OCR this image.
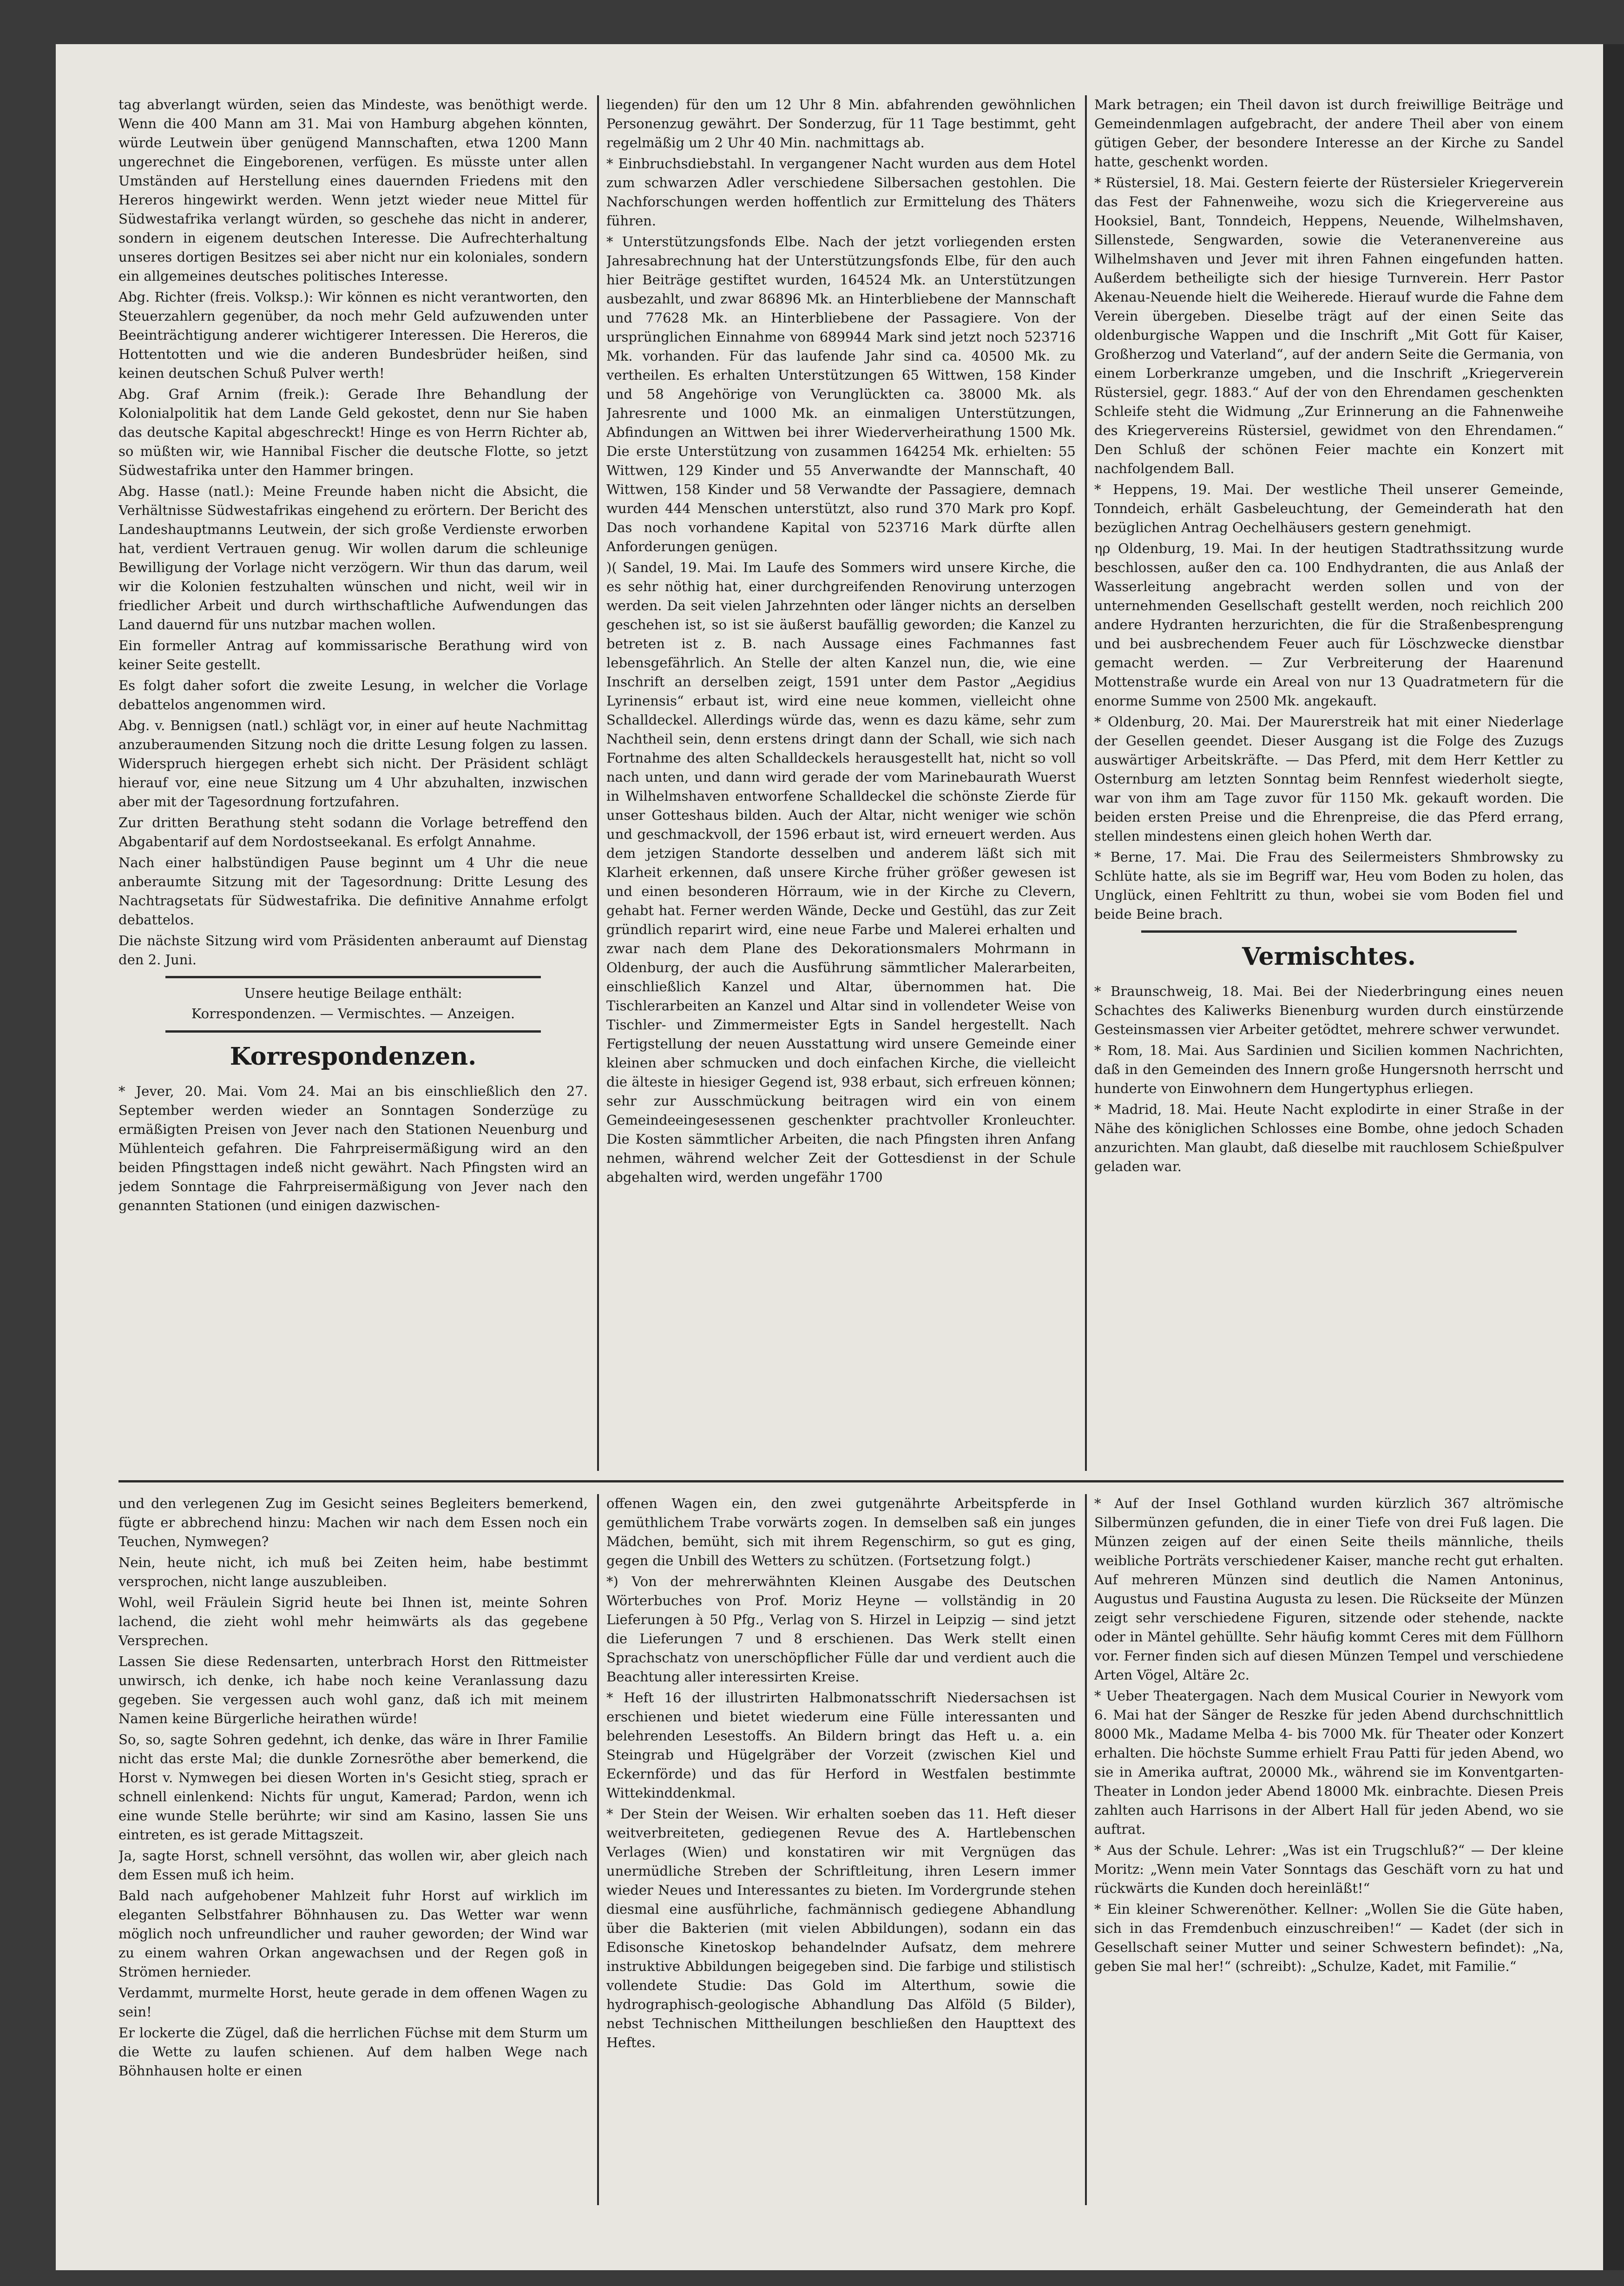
tag abverlangt würden, seien das Mindeste, was benöthigt werde. Wenn die 400 Mann am 31. Mai von Hamburg abgehen könnten, würde Leutwein über genügend Mannschaften, etwa 1200 Mann ungerechnet die Eingeborenen, verfügen. Es müsste unter allen Umständen auf Herstellung eines dauernden Friedens mit den Hereros hingewirkt werden. Wenn jetzt wieder neue Mittel für Südwestafrika verlangt würden, so geschehe das nicht in anderer, sondern in eigenem deutschen Interesse. Die Aufrechterhaltung unseres dortigen Besitzes sei aber nicht nur ein koloniales, sondern ein allgemeines deutsches politisches Interesse.

Abg. Richter (freis. Volksp.): Wir können es nicht verantworten, den Steuerzahlern gegenüber, da noch mehr Geld aufzuwenden unter Beeinträchtigung anderer wichtigerer Interessen. Die Hereros, die Hottentotten und wie die anderen Bundesbrüder heißen, sind keinen deutschen Schuß Pulver werth!

Abg. Graf Arnim (freik.): Gerade Ihre Behandlung der Kolonialpolitik hat dem Lande Geld gekostet, denn nur Sie haben das deutsche Kapital abgeschreckt! Hinge es von Herrn Richter ab, so müßten wir, wie Hannibal Fischer die deutsche Flotte, so jetzt Südwestafrika unter den Hammer bringen.

Abg. Hasse (natl.): Meine Freunde haben nicht die Absicht, die Verhältnisse Südwestafrikas eingehend zu erörtern. Der Bericht des Landeshauptmanns Leutwein, der sich große Verdienste erworben hat, verdient Vertrauen genug. Wir wollen darum die schleunige Bewilligung der Vorlage nicht verzögern. Wir thun das darum, weil wir die Kolonien festzuhalten wünschen und nicht, weil wir in friedlicher Arbeit und durch wirthschaftliche Aufwendungen das Land dauernd für uns nutzbar machen wollen.

Ein formeller Antrag auf kommissarische Berathung wird von keiner Seite gestellt.

Es folgt daher sofort die zweite Lesung, in welcher die Vorlage debattelos angenommen wird.

Abg. v. Bennigsen (natl.) schlägt vor, in einer auf heute Nachmittag anzuberaumenden Sitzung noch die dritte Lesung folgen zu lassen. Widerspruch hiergegen erhebt sich nicht. Der Präsident schlägt hierauf vor, eine neue Sitzung um 4 Uhr abzuhalten, inzwischen aber mit der Tagesordnung fortzufahren.

Zur dritten Berathung steht sodann die Vorlage betreffend den Abgabentarif auf dem Nordostseekanal. Es erfolgt Annahme.

Nach einer halbstündigen Pause beginnt um 4 Uhr die neue anberaumte Sitzung mit der Tagesordnung: Dritte Lesung des Nachtragsetats für Südwestafrika. Die definitive Annahme erfolgt debattelos.

Die nächste Sitzung wird vom Präsidenten anberaumt auf Dienstag den 2. Juni.

Unsere heutige Beilage enthält:

Korrespondenzen. — Vermischtes. — Anzeigen.

Korrespondenzen.

* Jever, 20. Mai. Vom 24. Mai an bis einschließlich den 27. September werden wieder an Sonntagen Sonderzüge zu ermäßigten Preisen von Jever nach den Stationen Neuenburg und Mühlenteich gefahren. Die Fahrpreisermäßigung wird an den beiden Pfingsttagen indeß nicht gewährt. Nach Pfingsten wird an jedem Sonntage die Fahrpreisermäßigung von Jever nach den genannten Stationen (und einigen dazwischen-

liegenden) für den um 12 Uhr 8 Min. abfahrenden gewöhnlichen Personenzug gewährt. Der Sonderzug, für 11 Tage bestimmt, geht regelmäßig um 2 Uhr 40 Min. nachmittags ab.

* Einbruchsdiebstahl. In vergangener Nacht wurden aus dem Hotel zum schwarzen Adler verschiedene Silbersachen gestohlen. Die Nachforschungen werden hoffentlich zur Ermittelung des Thäters führen.

* Unterstützungsfonds Elbe. Nach der jetzt vorliegenden ersten Jahresabrechnung hat der Unterstützungsfonds Elbe, für den auch hier Beiträge gestiftet wurden, 164524 Mk. an Unterstützungen ausbezahlt, und zwar 86896 Mk. an Hinterbliebene der Mannschaft und 77628 Mk. an Hinterbliebene der Passagiere. Von der ursprünglichen Einnahme von 689944 Mark sind jetzt noch 523716 Mk. vorhanden. Für das laufende Jahr sind ca. 40500 Mk. zu vertheilen. Es erhalten Unterstützungen 65 Wittwen, 158 Kinder und 58 Angehörige von Verunglückten ca. 38000 Mk. als Jahresrente und 1000 Mk. an einmaligen Unterstützungen, Abfindungen an Wittwen bei ihrer Wiederverheirathung 1500 Mk. Die erste Unterstützung von zusammen 164254 Mk. erhielten: 55 Wittwen, 129 Kinder und 55 Anverwandte der Mannschaft, 40 Wittwen, 158 Kinder und 58 Verwandte der Passagiere, demnach wurden 444 Menschen unterstützt, also rund 370 Mark pro Kopf. Das noch vorhandene Kapital von 523716 Mark dürfte allen Anforderungen genügen.

)( Sandel, 19. Mai. Im Laufe des Sommers wird unsere Kirche, die es sehr nöthig hat, einer durchgreifenden Renovirung unterzogen werden. Da seit vielen Jahrzehnten oder länger nichts an derselben geschehen ist, so ist sie äußerst baufällig geworden; die Kanzel zu betreten ist z. B. nach Aussage eines Fachmannes fast lebensgefährlich. An Stelle der alten Kanzel nun, die, wie eine Inschrift an derselben zeigt, 1591 unter dem Pastor „Aegidius Lyrinensis“ erbaut ist, wird eine neue kommen, vielleicht ohne Schalldeckel. Allerdings würde das, wenn es dazu käme, sehr zum Nachtheil sein, denn erstens dringt dann der Schall, wie sich nach Fortnahme des alten Schalldeckels herausgestellt hat, nicht so voll nach unten, und dann wird gerade der vom Marinebaurath Wuerst in Wilhelmshaven entworfene Schalldeckel die schönste Zierde für unser Gotteshaus bilden. Auch der Altar, nicht weniger wie schön und geschmackvoll, der 1596 erbaut ist, wird erneuert werden. Aus dem jetzigen Standorte desselben und anderem läßt sich mit Klarheit erkennen, daß unsere Kirche früher größer gewesen ist und einen besonderen Hörraum, wie in der Kirche zu Clevern, gehabt hat. Ferner werden Wände, Decke und Gestühl, das zur Zeit gründlich reparirt wird, eine neue Farbe und Malerei erhalten und zwar nach dem Plane des Dekorationsmalers Mohrmann in Oldenburg, der auch die Ausführung sämmtlicher Malerarbeiten, einschließlich Kanzel und Altar, übernommen hat. Die Tischlerarbeiten an Kanzel und Altar sind in vollendeter Weise von Tischler- und Zimmermeister Egts in Sandel hergestellt. Nach Fertigstellung der neuen Ausstattung wird unsere Gemeinde einer kleinen aber schmucken und doch einfachen Kirche, die vielleicht die älteste in hiesiger Gegend ist, 938 erbaut, sich erfreuen können; sehr zur Ausschmückung beitragen wird ein von einem Gemeindeeingesessenen geschenkter prachtvoller Kronleuchter. Die Kosten sämmtlicher Arbeiten, die nach Pfingsten ihren Anfang nehmen, während welcher Zeit der Gottesdienst in der Schule abgehalten wird, werden ungefähr 1700

Mark betragen; ein Theil davon ist durch freiwillige Beiträge und Gemeindenmlagen aufgebracht, der andere Theil aber von einem gütigen Geber, der besondere Interesse an der Kirche zu Sandel hatte, geschenkt worden.

* Rüstersiel, 18. Mai. Gestern feierte der Rüstersieler Kriegerverein das Fest der Fahnenweihe, wozu sich die Kriegervereine aus Hooksiel, Bant, Tonndeich, Heppens, Neuende, Wilhelmshaven, Sillenstede, Sengwarden, sowie die Veteranenvereine aus Wilhelmshaven und Jever mit ihren Fahnen eingefunden hatten. Außerdem betheiligte sich der hiesige Turnverein. Herr Pastor Akenau-Neuende hielt die Weiherede. Hierauf wurde die Fahne dem Verein übergeben. Dieselbe trägt auf der einen Seite das oldenburgische Wappen und die Inschrift „Mit Gott für Kaiser, Großherzog und Vaterland“, auf der andern Seite die Germania, von einem Lorberkranze umgeben, und die Inschrift „Kriegerverein Rüstersiel, gegr. 1883.“ Auf der von den Ehrendamen geschenkten Schleife steht die Widmung „Zur Erinnerung an die Fahnenweihe des Kriegervereins Rüstersiel, gewidmet von den Ehrendamen.“ Den Schluß der schönen Feier machte ein Konzert mit nachfolgendem Ball.

* Heppens, 19. Mai. Der westliche Theil unserer Gemeinde, Tonndeich, erhält Gasbeleuchtung, der Gemeinderath hat den bezüglichen Antrag Oechelhäusers gestern genehmigt.

ηρ Oldenburg, 19. Mai. In der heutigen Stadtrathssitzung wurde beschlossen, außer den ca. 100 Endhydranten, die aus Anlaß der Wasserleitung angebracht werden sollen und von der unternehmenden Gesellschaft gestellt werden, noch reichlich 200 andere Hydranten herzurichten, die für die Straßenbesprengung und bei ausbrechendem Feuer auch für Löschzwecke dienstbar gemacht werden. — Zur Verbreiterung der Haarenund Mottenstraße wurde ein Areal von nur 13 Quadratmetern für die enorme Summe von 2500 Mk. angekauft.

* Oldenburg, 20. Mai. Der Maurerstreik hat mit einer Niederlage der Gesellen geendet. Dieser Ausgang ist die Folge des Zuzugs auswärtiger Arbeitskräfte. — Das Pferd, mit dem Herr Kettler zu Osternburg am letzten Sonntag beim Rennfest wiederholt siegte, war von ihm am Tage zuvor für 1150 Mk. gekauft worden. Die beiden ersten Preise und die Ehrenpreise, die das Pferd errang, stellen mindestens einen gleich hohen Werth dar.

* Berne, 17. Mai. Die Frau des Seilermeisters Shmbrowsky zu Schlüte hatte, als sie im Begriff war, Heu vom Boden zu holen, das Unglück, einen Fehltritt zu thun, wobei sie vom Boden fiel und beide Beine brach.

Vermischtes.

* Braunschweig, 18. Mai. Bei der Niederbringung eines neuen Schachtes des Kaliwerks Bienenburg wurden durch einstürzende Gesteinsmassen vier Arbeiter getödtet, mehrere schwer verwundet.

* Rom, 18. Mai. Aus Sardinien und Sicilien kommen Nachrichten, daß in den Gemeinden des Innern große Hungersnoth herrscht und hunderte von Einwohnern dem Hungertyphus erliegen.

* Madrid, 18. Mai. Heute Nacht explodirte in einer Straße in der Nähe des königlichen Schlosses eine Bombe, ohne jedoch Schaden anzurichten. Man glaubt, daß dieselbe mit rauchlosem Schießpulver geladen war.

und den verlegenen Zug im Gesicht seines Begleiters bemerkend, fügte er abbrechend hinzu: Machen wir nach dem Essen noch ein Teuchen, Nymwegen?

Nein, heute nicht, ich muß bei Zeiten heim, habe bestimmt versprochen, nicht lange auszubleiben.

Wohl, weil Fräulein Sigrid heute bei Ihnen ist, meinte Sohren lachend, die zieht wohl mehr heimwärts als das gegebene Versprechen.

Lassen Sie diese Redensarten, unterbrach Horst den Rittmeister unwirsch, ich denke, ich habe noch keine Veranlassung dazu gegeben. Sie vergessen auch wohl ganz, daß ich mit meinem Namen keine Bürgerliche heirathen würde!

So, so, sagte Sohren gedehnt, ich denke, das wäre in Ihrer Familie nicht das erste Mal; die dunkle Zornesröthe aber bemerkend, die Horst v. Nymwegen bei diesen Worten in's Gesicht stieg, sprach er schnell einlenkend: Nichts für ungut, Kamerad; Pardon, wenn ich eine wunde Stelle berührte; wir sind am Kasino, lassen Sie uns eintreten, es ist gerade Mittagszeit.

Ja, sagte Horst, schnell versöhnt, das wollen wir, aber gleich nach dem Essen muß ich heim.

Bald nach aufgehobener Mahlzeit fuhr Horst auf wirklich im eleganten Selbstfahrer Böhnhausen zu. Das Wetter war wenn möglich noch unfreundlicher und rauher geworden; der Wind war zu einem wahren Orkan angewachsen und der Regen goß in Strömen hernieder.

Verdammt, murmelte Horst, heute gerade in dem offenen Wagen zu sein!

Er lockerte die Zügel, daß die herrlichen Füchse mit dem Sturm um die Wette zu laufen schienen. Auf dem halben Wege nach Böhnhausen holte er einen

offenen Wagen ein, den zwei gutgenährte Arbeitspferde in gemüthlichem Trabe vorwärts zogen. In demselben saß ein junges Mädchen, bemüht, sich mit ihrem Regenschirm, so gut es ging, gegen die Unbill des Wetters zu schützen. (Fortsetzung folgt.)

*) Von der mehrerwähnten Kleinen Ausgabe des Deutschen Wörterbuches von Prof. Moriz Heyne — vollständig in 20 Lieferungen à 50 Pfg., Verlag von S. Hirzel in Leipzig — sind jetzt die Lieferungen 7 und 8 erschienen. Das Werk stellt einen Sprachschatz von unerschöpflicher Fülle dar und verdient auch die Beachtung aller interessirten Kreise.

* Heft 16 der illustrirten Halbmonatsschrift Niedersachsen ist erschienen und bietet wiederum eine Fülle interessanten und belehrenden Lesestoffs. An Bildern bringt das Heft u. a. ein Steingrab und Hügelgräber der Vorzeit (zwischen Kiel und Eckernförde) und das für Herford in Westfalen bestimmte Wittekinddenkmal.

* Der Stein der Weisen. Wir erhalten soeben das 11. Heft dieser weitverbreiteten, gediegenen Revue des A. Hartlebenschen Verlages (Wien) und konstatiren wir mit Vergnügen das unermüdliche Streben der Schriftleitung, ihren Lesern immer wieder Neues und Interessantes zu bieten. Im Vordergrunde stehen diesmal eine ausführliche, fachmännisch gediegene Abhandlung über die Bakterien (mit vielen Abbildungen), sodann ein das Edisonsche Kinetoskop behandelnder Aufsatz, dem mehrere instruktive Abbildungen beigegeben sind. Die farbige und stilistisch vollendete Studie: Das Gold im Alterthum, sowie die hydrographisch-geologische Abhandlung Das Alföld (5 Bilder), nebst Technischen Mittheilungen beschließen den Haupttext des Heftes.

* Auf der Insel Gothland wurden kürzlich 367 altrömische Silbermünzen gefunden, die in einer Tiefe von drei Fuß lagen. Die Münzen zeigen auf der einen Seite theils männliche, theils weibliche Porträts verschiedener Kaiser, manche recht gut erhalten. Auf mehreren Münzen sind deutlich die Namen Antoninus, Augustus und Faustina Augusta zu lesen. Die Rückseite der Münzen zeigt sehr verschiedene Figuren, sitzende oder stehende, nackte oder in Mäntel gehüllte. Sehr häufig kommt Ceres mit dem Füllhorn vor. Ferner finden sich auf diesen Münzen Tempel und verschiedene Arten Vögel, Altäre 2c.

* Ueber Theatergagen. Nach dem Musical Courier in Newyork vom 6. Mai hat der Sänger de Reszke für jeden Abend durchschnittlich 8000 Mk., Madame Melba 4- bis 7000 Mk. für Theater oder Konzert erhalten. Die höchste Summe erhielt Frau Patti für jeden Abend, wo sie in Amerika auftrat, 20000 Mk., während sie im Konventgarten-Theater in London jeder Abend 18000 Mk. einbrachte. Diesen Preis zahlten auch Harrisons in der Albert Hall für jeden Abend, wo sie auftrat.

* Aus der Schule. Lehrer: „Was ist ein Trugschluß?“ — Der kleine Moritz: „Wenn mein Vater Sonntags das Geschäft vorn zu hat und rückwärts die Kunden doch hereinläßt!“

* Ein kleiner Schwerenöther. Kellner: „Wollen Sie die Güte haben, sich in das Fremdenbuch einzuschreiben!“ — Kadet (der sich in Gesellschaft seiner Mutter und seiner Schwestern befindet): „Na, geben Sie mal her!“ (schreibt): „Schulze, Kadet, mit Familie.“
